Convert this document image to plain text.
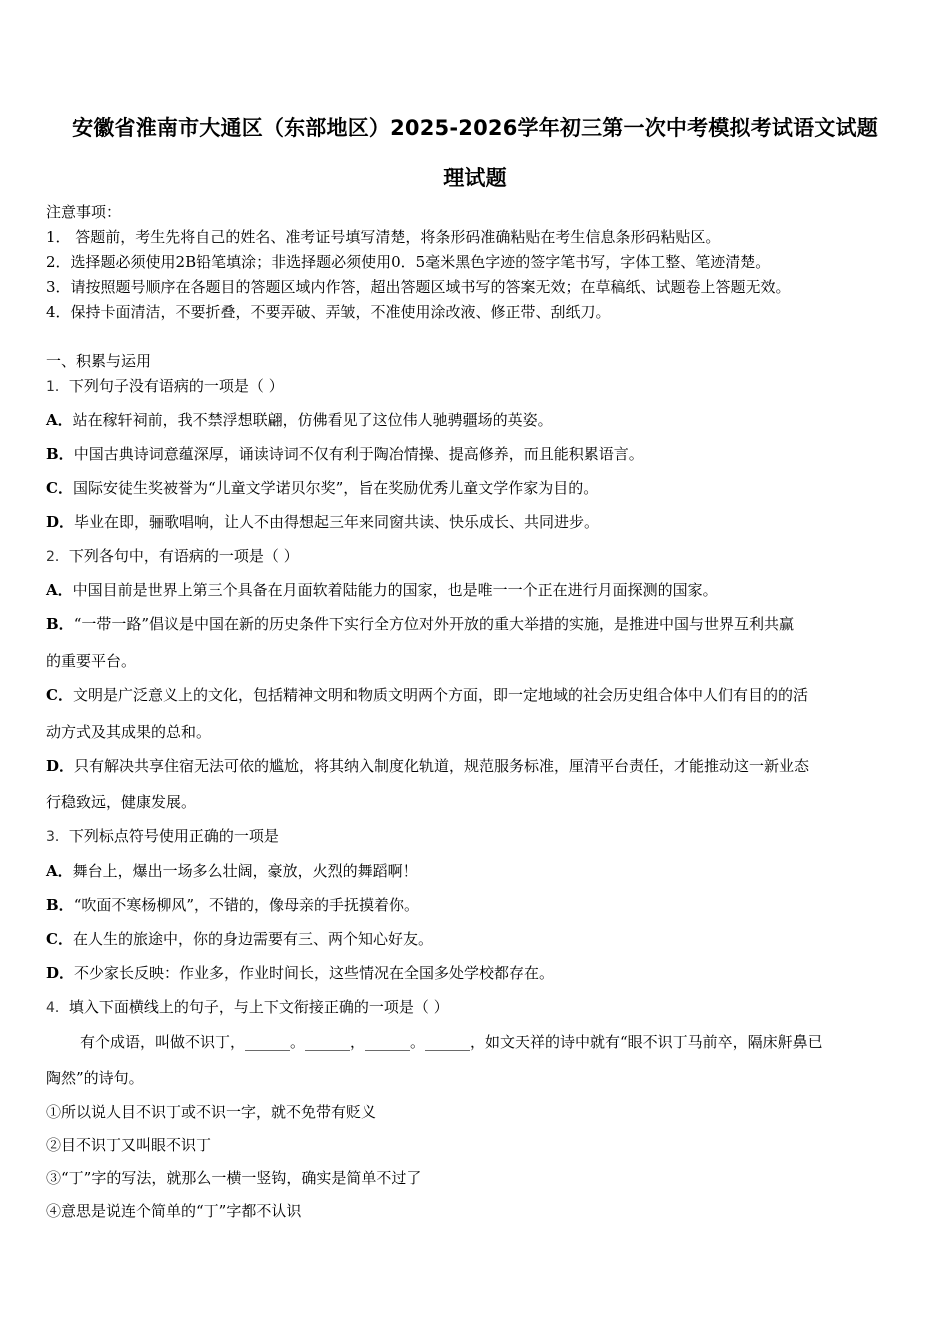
安徽省淮南市大通区（东部地区）2025-2026学年初三第一次中考模拟考试语文试题
理试题
注意事项：
1． 答题前，考生先将自己的姓名、准考证号填写清楚，将条形码准确粘贴在考生信息条形码粘贴区。
2．选择题必须使用2B铅笔填涂；非选择题必须使用0．5毫米黑色字迹的签字笔书写，字体工整、笔迹清楚。
3．请按照题号顺序在各题目的答题区域内作答，超出答题区域书写的答案无效；在草稿纸、试题卷上答题无效。
4．保持卡面清洁，不要折叠，不要弄破、弄皱，不准使用涂改液、修正带、刮纸刀。
一、积累与运用
1．下列句子没有语病的一项是（ ）
A．站在稼轩祠前，我不禁浮想联翩，仿佛看见了这位伟人驰骋疆场的英姿。
B．中国古典诗词意蕴深厚，诵读诗词不仅有利于陶冶情操、提高修养，而且能积累语言。
C．国际安徒生奖被誉为“儿童文学诺贝尔奖”，旨在奖励优秀儿童文学作家为目的。
D．毕业在即，骊歌唱响，让人不由得想起三年来同窗共读、快乐成长、共同进步。
2．下列各句中，有语病的一项是（ ）
A．中国目前是世界上第三个具备在月面软着陆能力的国家，也是唯一一个正在进行月面探测的国家。
B．“一带一路”倡议是中国在新的历史条件下实行全方位对外开放的重大举措的实施，是推进中国与世界互利共赢
的重要平台。
C．文明是广泛意义上的文化，包括精神文明和物质文明两个方面，即一定地域的社会历史组合体中人们有目的的活
动方式及其成果的总和。
D．只有解决共享住宿无法可依的尴尬，将其纳入制度化轨道，规范服务标准，厘清平台责任，才能推动这一新业态
行稳致远，健康发展。
3．下列标点符号使用正确的一项是
A．舞台上，爆出一场多么壮阔，豪放，火烈的舞蹈啊！
B．“吹面不寒杨柳风”，不错的，像母亲的手抚摸着你。
C．在人生的旅途中，你的身边需要有三、两个知心好友。
D．不少家长反映：作业多，作业时间长，这些情况在全国多处学校都存在。
4．填入下面横线上的句子，与上下文衔接正确的一项是（ ）
有个成语，叫做不识丁，______。______，______。______，如文天祥的诗中就有“眼不识丁马前卒，隔床鼾鼻已
陶然”的诗句。
①所以说人目不识丁或不识一字，就不免带有贬义
②目不识丁又叫眼不识丁
③“丁”字的写法，就那么一横一竖钩，确实是简单不过了
④意思是说连个简单的“丁”字都不认识
